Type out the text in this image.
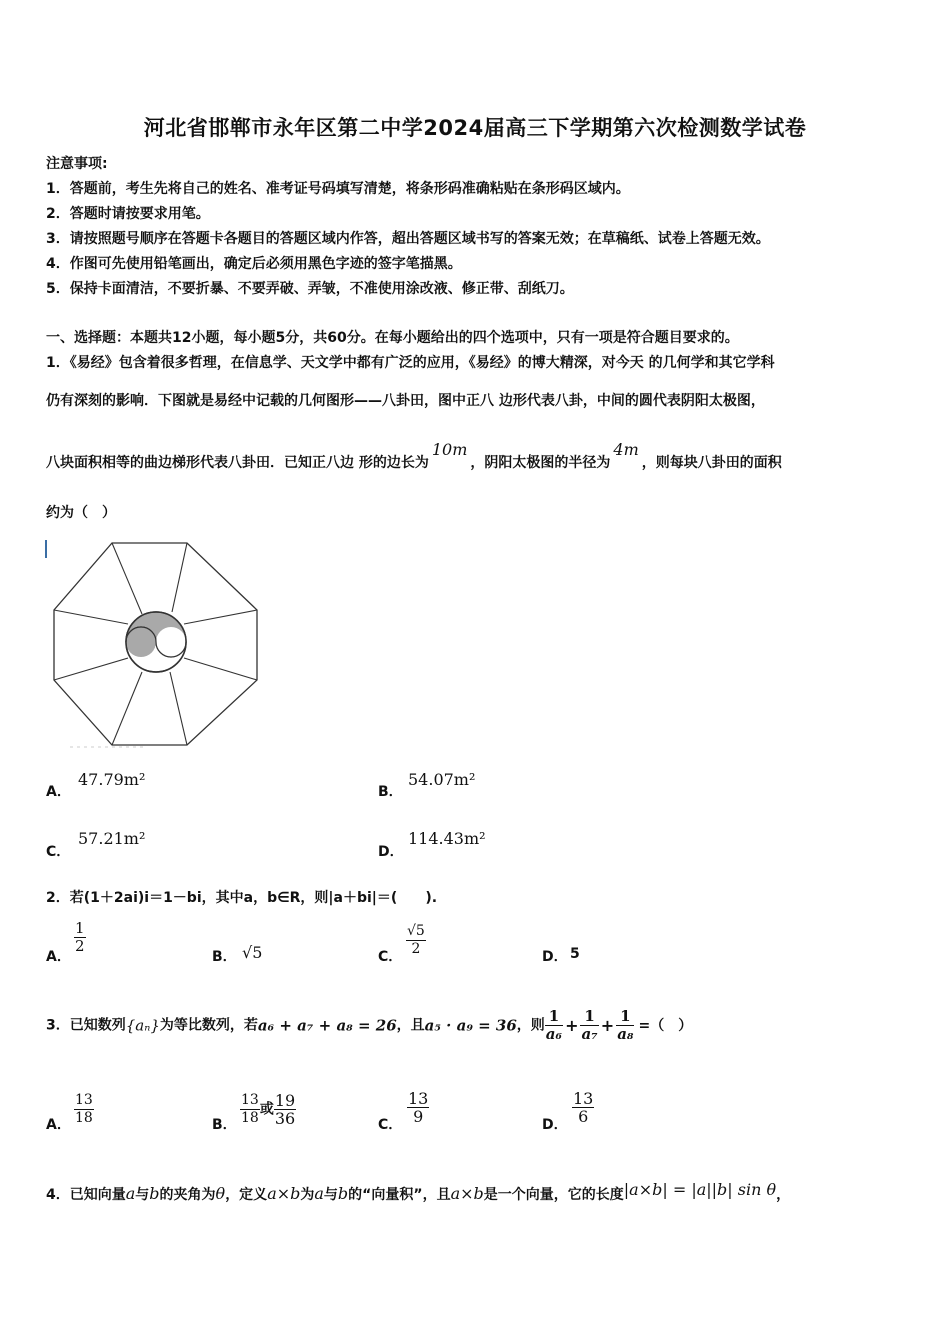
河北省邯郸市永年区第二中学2024届高三下学期第六次检测数学试卷
注意事项:
1．答题前，考生先将自己的姓名、准考证号码填写清楚，将条形码准确粘贴在条形码区域内。
2．答题时请按要求用笔。
3．请按照题号顺序在答题卡各题目的答题区域内作答，超出答题区域书写的答案无效；在草稿纸、试卷上答题无效。
4．作图可先使用铅笔画出，确定后必须用黑色字迹的签字笔描黑。
5．保持卡面清洁，不要折暴、不要弄破、弄皱，不准使用涂改液、修正带、刮纸刀。
一、选择题：本题共12小题，每小题5分，共60分。在每小题给出的四个选项中，只有一项是符合题目要求的。
1．《易经》包含着很多哲理，在信息学、天文学中都有广泛的应用，《易经》的博大精深，对今天 的几何学和其它学科
仍有深刻的影响．下图就是易经中记载的几何图形——八卦田，图中正八 边形代表八卦，中间的圆代表阴阳太极图，
八块面积相等的曲边梯形代表八卦田．已知正八边 形的边长为10m，阴阳太极图的半径为4m，则每块八卦田的面积
约为（　）
A．
47.79m²
B．
54.07m²
C．
57.21m²
D．
114.43m²
2．若(1＋2ai)i＝1－bi，其中a，b∈R，则|a＋bi|＝(　　).
A．
$\frac{1}{2}$
B． √5	C． $\frac{√5}{2}$	D． 5
3．已知数列{aₙ}为等比数列，若a₆ + a₇ + a₈ = 26，且a₅ · a₉ = 36，则 $\frac{1}{\text{a₆}} + \frac{1}{\text{a₇}} + \frac{1}{\text{a₈}}$ =（　）
A． $\frac{13}{18}$	B． $\frac{13}{18}$ 或 $\frac{19}{36}$	C． $\frac{13}{9}$	D． $\frac{13}{6}$
4．已知向量a与b的夹角为θ，定义a×b为a与b的“向量积”，且a×b是一个向量，它的长度|a×b| = |a||b| sin θ，
